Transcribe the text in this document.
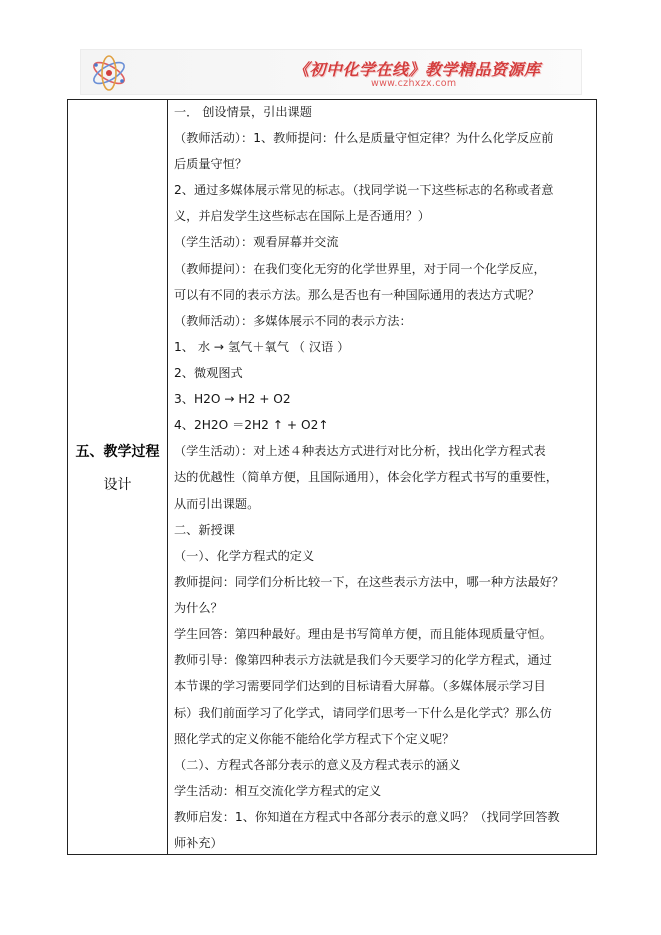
《初中化学在线》教学精品资源库
www.czhxzx.com
五、教学过程
设计
一． 创设情景，引出课题
（教师活动）：1、教师提问：什么是质量守恒定律？为什么化学反应前
后质量守恒？
2、通过多媒体展示常见的标志。（找同学说一下这些标志的名称或者意
义，并启发学生这些标志在国际上是否通用？）
（学生活动）：观看屏幕并交流
（教师提问）：在我们变化无穷的化学世界里，对于同一个化学反应，
可以有不同的表示方法。那么是否也有一种国际通用的表达方式呢？
（教师活动）：多媒体展示不同的表示方法：
1、 水 → 氢气＋氧气 （ 汉语 ）
2、微观图式
3、H2O → H2 + O2
4、2H2O ＝2H2 ↑ + O2↑
（学生活动）：对上述４种表达方式进行对比分析，找出化学方程式表
达的优越性（简单方便，且国际通用），体会化学方程式书写的重要性，
从而引出课题。
二、新授课
（一）、化学方程式的定义
教师提问：同学们分析比较一下，在这些表示方法中，哪一种方法最好？
为什么？
学生回答：第四种最好。理由是书写简单方便，而且能体现质量守恒。
教师引导：像第四种表示方法就是我们今天要学习的化学方程式，通过
本节课的学习需要同学们达到的目标请看大屏幕。（多媒体展示学习目
标）我们前面学习了化学式，请同学们思考一下什么是化学式？那么仿
照化学式的定义你能不能给化学方程式下个定义呢？
（二）、方程式各部分表示的意义及方程式表示的涵义
学生活动：相互交流化学方程式的定义
教师启发：1、你知道在方程式中各部分表示的意义吗？（找同学回答教
师补充）
